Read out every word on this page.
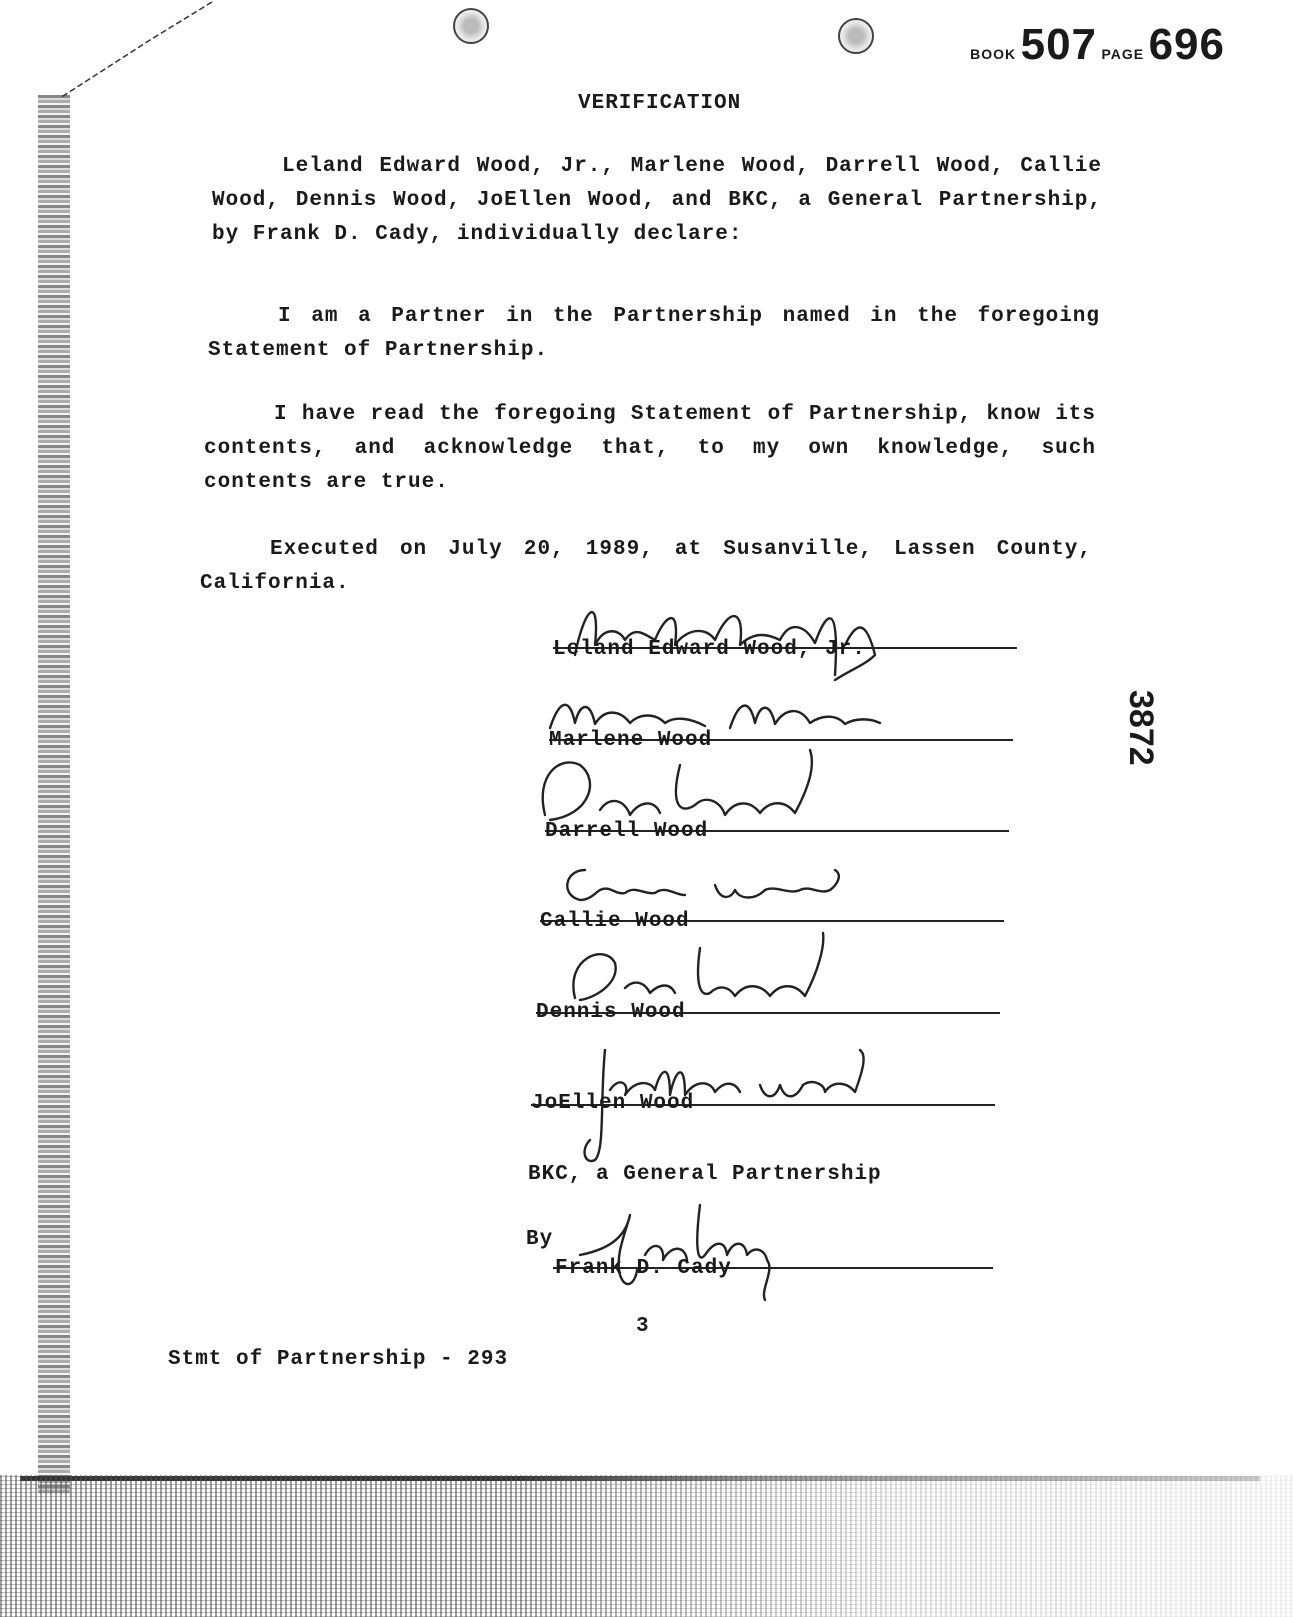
BOOK 507 PAGE 696
3872
VERIFICATION
Leland Edward Wood, Jr., Marlene Wood, Darrell Wood, Callie Wood, Dennis Wood, JoEllen Wood, and BKC, a General Partnership, by Frank D. Cady, individually declare:
I am a Partner in the Partnership named in the foregoing Statement of Partnership.
I have read the foregoing Statement of Partnership, know its contents, and acknowledge that, to my own knowledge, such contents are true.
Executed on July 20, 1989, at Susanville, Lassen County, California.
Leland Edward Wood, Jr.
Marlene Wood
Darrell Wood
Callie Wood
Dennis Wood
JoEllen Wood
BKC, a General Partnership
By
Frank D. Cady
3
Stmt of Partnership - 293
